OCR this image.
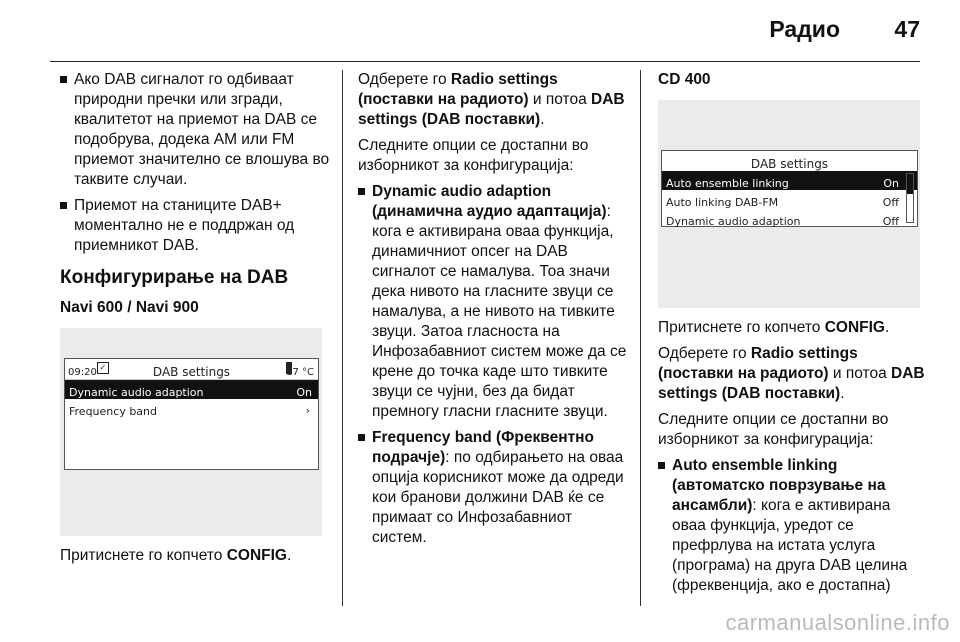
Радио 47
Ако DAB сигналот го одбиваат природни пречки или згради, квалитетот на приемот на DAB се подобрува, додека AM или FM приемот значително се влошува во таквите случаи.
Приемот на станиците DAB+ моментално не е поддржан од приемникот DAB.
Конфигурирање на DAB
Navi 600 / Navi 900
09:20 ✓	DAB settings	17 °C
Dynamic audio adaption	On
Frequency band	›

Притиснете го копчето CONFIG.

Одберете го Radio settings (поставки на радиото) и потоа DAB settings (DAB поставки).

Следните опции се достапни во изборникот за конфигурација:

Dynamic audio adaption (динамична аудио адаптација): кога е активирана оваа функција, динамичниот опсег на DAB сигналот се намалува. Тоа значи дека нивото на гласните звуци се намалува, а не нивото на тивките звуци. Затоа гласноста на Инфозабавниот систем може да се крене до точка каде што тивките звуци се чујни, без да бидат премногу гласни гласните звуци.
Frequency band (Фреквентно подрачје): по одбирањето на оваа опција корисникот може да одреди кои бранови должини DAB ќе се примаат со Инфозабавниот систем.
CD 400
DAB settings
Auto ensemble linking	On
Auto linking DAB-FM	Off
Dynamic audio adaption	Off

Притиснете го копчето CONFIG.

Одберете го Radio settings (поставки на радиото) и потоа DAB settings (DAB поставки).

Следните опции се достапни во изборникот за конфигурација:

Auto ensemble linking (автоматско поврзување на ансамбли): кога е активирана оваа функција, уредот се префрлува на истата услуга (програма) на друга DAB целина (фреквенција, ако е достапна)
carmanualsonline.info
